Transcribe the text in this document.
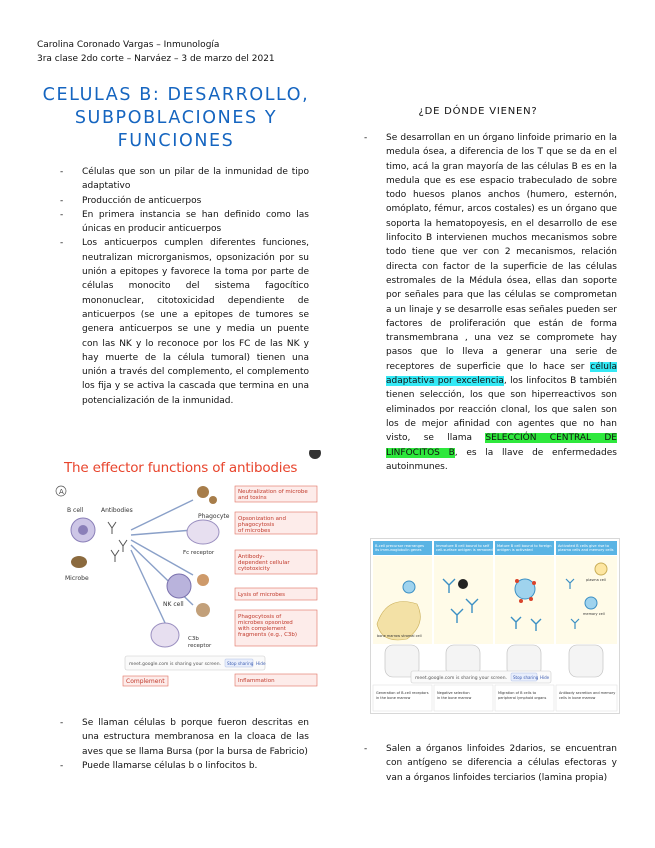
Carolina Coronado Vargas – Inmunología
3ra clase 2do corte – Narváez – 3 de marzo del 2021
CELULAS B: DESARROLLO,
SUBPOBLACIONES Y
FUNCIONES
¿DE DÓNDE VIENEN?
- Células que son un pilar de la inmunidad de tipo adaptativo
- Producción de anticuerpos
- En primera instancia se han definido como las únicas en producir anticuerpos
- Los anticuerpos cumplen diferentes funciones, neutralizan microrganismos, opsonización por su unión a epitopes y favorece la toma por parte de células monocito del sistema fagocítico mononuclear, citotoxicidad dependiente de anticuerpos (se une a epitopes de tumores se genera anticuerpos se une y media un puente con las NK y lo reconoce por los FC de las NK y hay muerte de la célula tumoral) tienen una unión a través del complemento, el complemento los fija y se activa la cascada que termina en una potencialización de la inmunidad.
A
B cell	Antibodies
Microbe
Phagocyte
Fc receptor
NK cell
C3b
receptor
Complement
Neutralization of microbe
and toxins
Opsonization and
phagocytosis
of microbes
Antibody-
dependent cellular
cytotoxicity
Lysis of microbes
Phagocytosis of
microbes opsonized
with complement
fragments (e.g., C3b)
Inflammation
meet.google.com is sharing your screen. Stop sharing Hide
The effector functions of antibodies
- Se llaman células b porque fueron descritas en una estructura membranosa en la cloaca de las aves que se llama Bursa (por la bursa de Fabricio)
- Puede llamarse células b o linfocitos b.
- Se desarrollan en un órgano linfoide primario en la medula ósea, a diferencia de los T que se da en el timo, acá la gran mayoría de las células B es en la medula que es ese espacio trabeculado de sobre todo huesos planos anchos (humero, esternón, omóplato, fémur, arcos costales) es un órgano que soporta la hematopoyesis, en el desarrollo de ese linfocito B intervienen muchos mecanismos sobre todo tiene que ver con 2 mecanismos, relación directa con factor de la superficie de las células estromales de la Médula ósea, ellas dan soporte por señales para que las células se comprometan a un linaje y se desarrolle esas señales pueden ser factores de proliferación que están de forma transmembrana , una vez se compromete hay pasos que lo lleva a generar una serie de receptores de superficie que lo hace ser célula adaptativa por excelencia, los linfocitos B también tienen selección, los que son hiperreactivos son eliminados por reacción clonal, los que salen son los de mejor afinidad con agentes que no han visto, se llama SELECCIÓN CENTRAL DE LINFOCITOS B, es la llave de enfermedades autoinmunes.
B-cell precursor rearranges
its immunoglobulin genes
Immature B cell bound to self
cell-surface antigen is removed
Mature B cell bound to foreign
antigen is activated
Activated B cells give rise to
plasma cells and memory cells
bone marrow stromal cell
plasma cell
memory cell
meet.google.com is sharing your screen. Stop sharing Hide
Generation of B-cell receptors
in the bone marrow
Negative selection
in the bone marrow
Migration of B cells to
peripheral lymphoid organs
Antibody secretion and memory
cells in bone marrow
- Salen a órganos linfoides 2darios, se encuentran con antígeno se diferencia a células efectoras y van a órganos linfoides terciarios (lamina propia)
